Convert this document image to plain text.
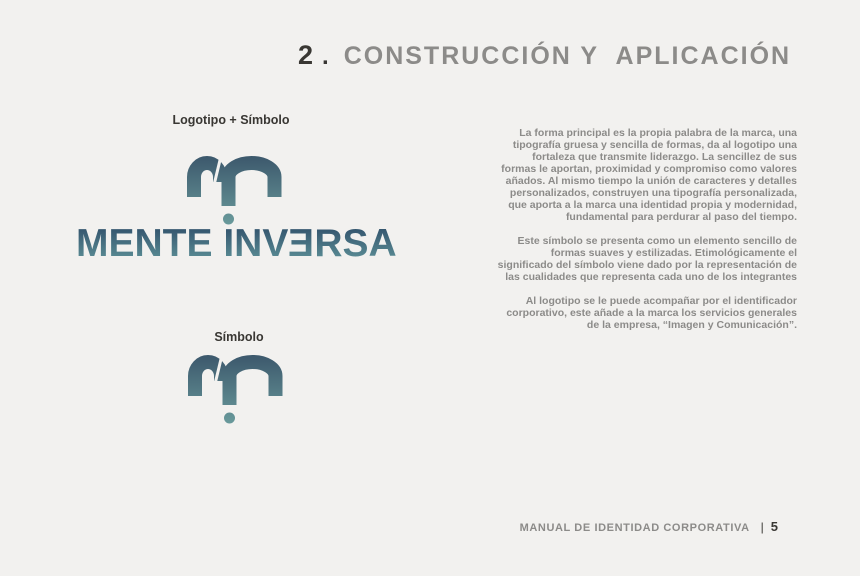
2 . CONSTRUCCIÓN Y  APLICACIÓN
Logotipo + Símbolo
MENTE INVERSA
Símbolo

La forma principal es la propia palabra de la marca, una tipografía gruesa y sencilla de formas, da al logotipo una fortaleza que transmite liderazgo. La sencillez de sus formas le aportan, proximidad y compromiso como valores añados. Al mismo tiempo la unión de caracteres y detalles personalizados, construyen una tipografía personalizada, que aporta a la marca una identidad propia y modernidad, fundamental para perdurar al paso del tiempo.

Este símbolo se presenta como un elemento sencillo de formas suaves y estilizadas. Etimológicamente el significado del símbolo viene dado por la representación de las cualidades que representa cada uno de los integrantes

Al logotipo se le puede acompañar por el identificador corporativo, este añade a la marca los servicios generales de la empresa, “Imagen y Comunicación”.

MANUAL DE IDENTIDAD CORPORATIVA | 5
